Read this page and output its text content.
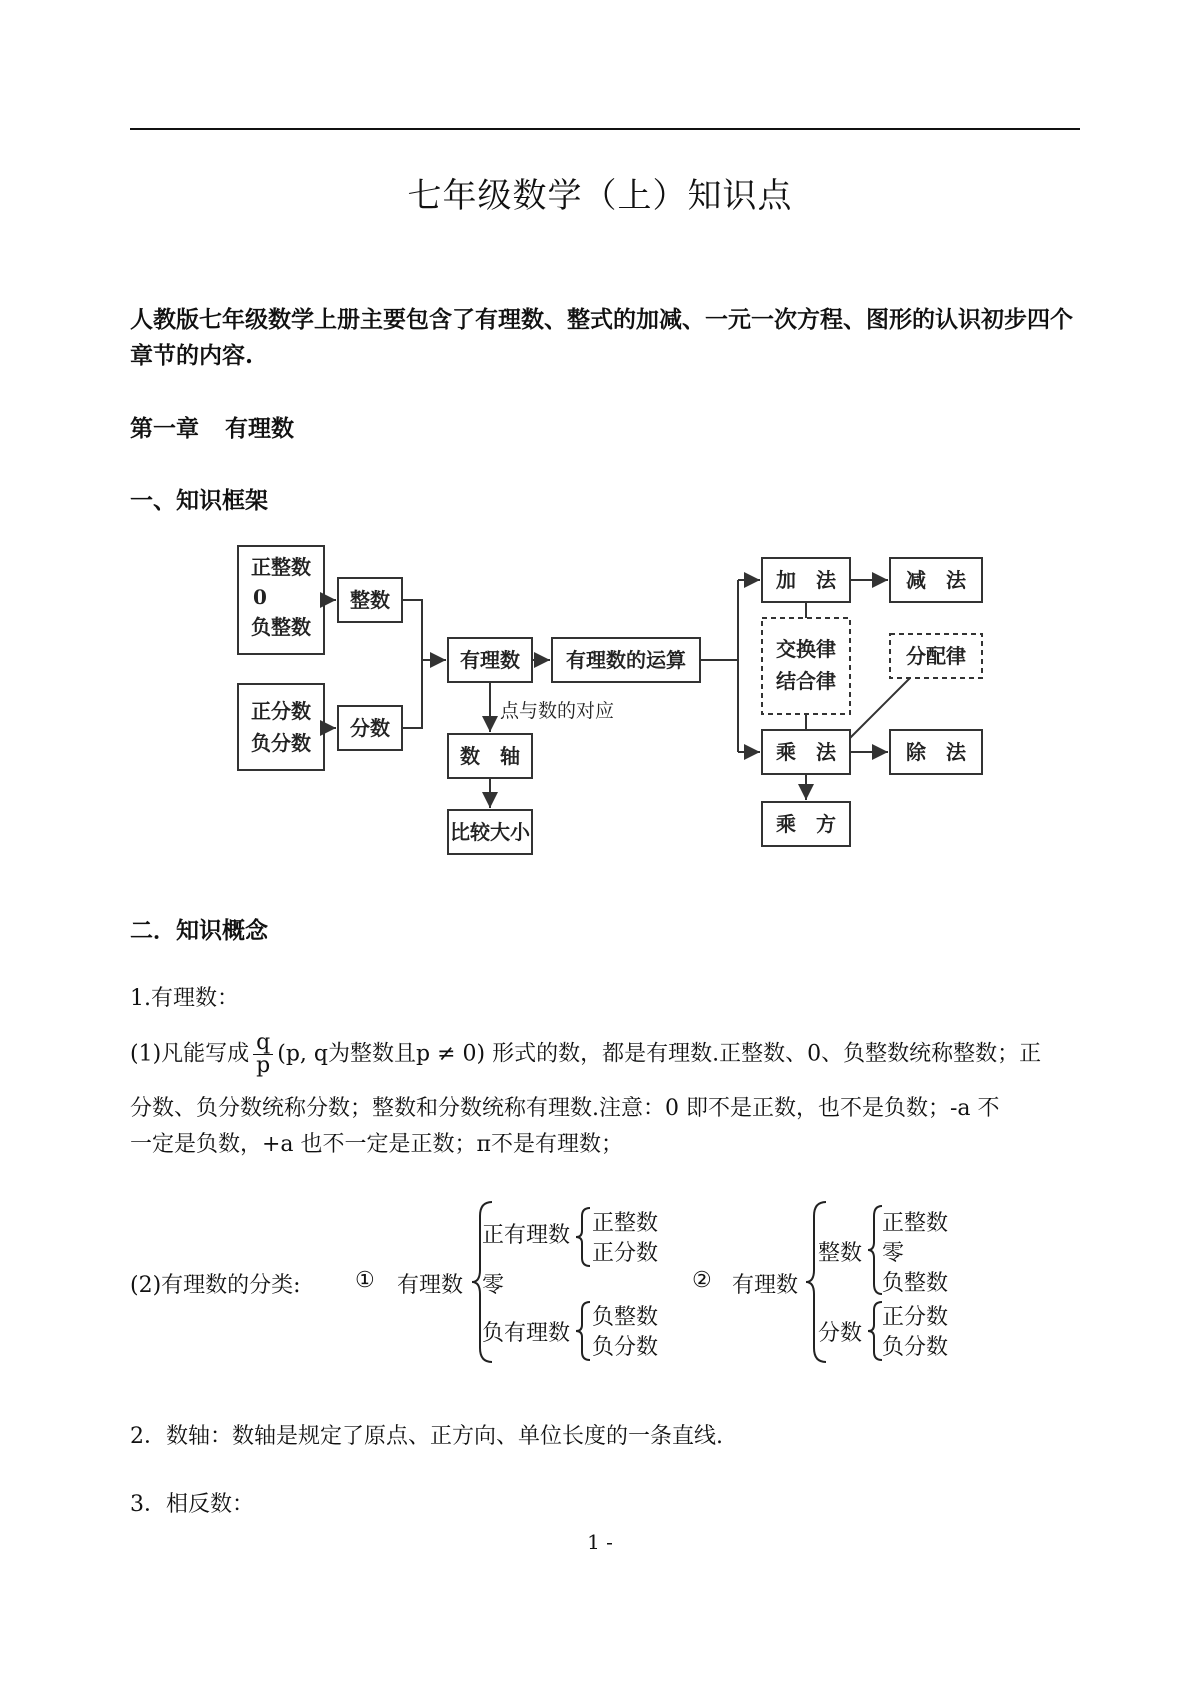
七年级数学（上）知识点
人教版七年级数学上册主要包含了有理数、整式的加减、一元一次方程、图形的认识初步四个章节的内容.
第一章 有理数
一、知识框架
正整数
0
负整数
整数
正分数
负分数
分数
有理数 有理数的运算
点与数的对应
数　轴
比较大小
加　法	减　法
交换律
结合律
分配律
乘　法	除　法
乘　方
二．知识概念
1.有理数：
(1)凡能写成 $\frac{q}{p} (p$, q为整数且p ≠ 0) 形式的数，都是有理数.正整数、0、负整数统称整数；正
分数、负分数统称分数；整数和分数统称有理数.注意：0 即不是正数，也不是负数；-a 不
一定是负数，+a 也不一定是正数；π不是有理数；
(2)有理数的分类: ① 有理数
正有理数
零
负有理数
正整数
正分数
负整数
负分数
② 有理数
整数
分数
正整数
零
负整数
正分数
负分数
2．数轴：数轴是规定了原点、正方向、单位长度的一条直线.
3．相反数：
1 -
